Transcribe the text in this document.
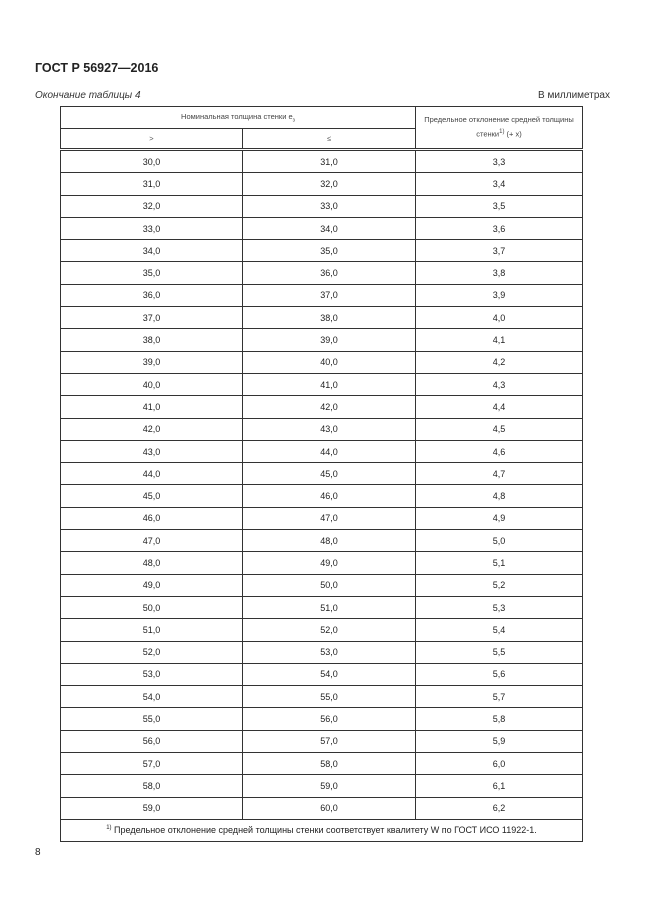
ГОСТ Р 56927—2016
Окончание таблицы 4	В миллиметрах
Номинальная толщина стенки $e_з$		Предельное отклонение средней толщины стенки$^{1)}$ (+ x)
>	≤	
30,0	31,0	3,3
31,0	32,0	3,4
32,0	33,0	3,5
33,0	34,0	3,6
34,0	35,0	3,7
35,0	36,0	3,8
36,0	37,0	3,9
37,0	38,0	4,0
38,0	39,0	4,1
39,0	40,0	4,2
40,0	41,0	4,3
41,0	42,0	4,4
42,0	43,0	4,5
43,0	44,0	4,6
44,0	45,0	4,7
45,0	46,0	4,8
46,0	47,0	4,9
47,0	48,0	5,0
48,0	49,0	5,1
49,0	50,0	5,2
50,0	51,0	5,3
51,0	52,0	5,4
52,0	53,0	5,5
53,0	54,0	5,6
54,0	55,0	5,7
55,0	56,0	5,8
56,0	57,0	5,9
57,0	58,0	6,0
58,0	59,0	6,1
59,0	60,0	6,2
$^{1)}$ Предельное отклонение средней толщины стенки соответствует квалитету W по ГОСТ ИСО 11922-1.		
8
